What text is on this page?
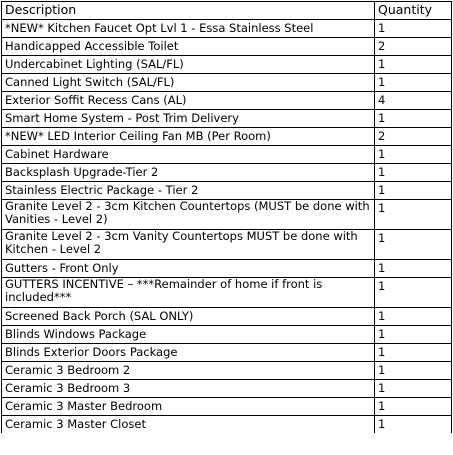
Description	Quantity
*NEW* Kitchen Faucet Opt Lvl 1 - Essa Stainless Steel	1
Handicapped Accessible Toilet	2
Undercabinet Lighting (SAL/FL)	1
Canned Light Switch (SAL/FL)	1
Exterior Soffit Recess Cans (AL)	4
Smart Home System - Post Trim Delivery	1
*NEW* LED Interior Ceiling Fan MB (Per Room)	2
Cabinet Hardware	1
Backsplash Upgrade-Tier 2	1
Stainless Electric Package - Tier 2	1
Granite Level 2 - 3cm Kitchen Countertops (MUST be done with Vanities - Level 2)	1
Granite Level 2 - 3cm Vanity Countertops MUST be done with Kitchen - Level 2	1
Gutters - Front Only	1
GUTTERS INCENTIVE – ***Remainder of home if front is included***	1
Screened Back Porch (SAL ONLY)	1
Blinds Windows Package	1
Blinds Exterior Doors Package	1
Ceramic 3 Bedroom 2	1
Ceramic 3 Bedroom 3	1
Ceramic 3 Master Bedroom	1
Ceramic 3 Master Closet	1
